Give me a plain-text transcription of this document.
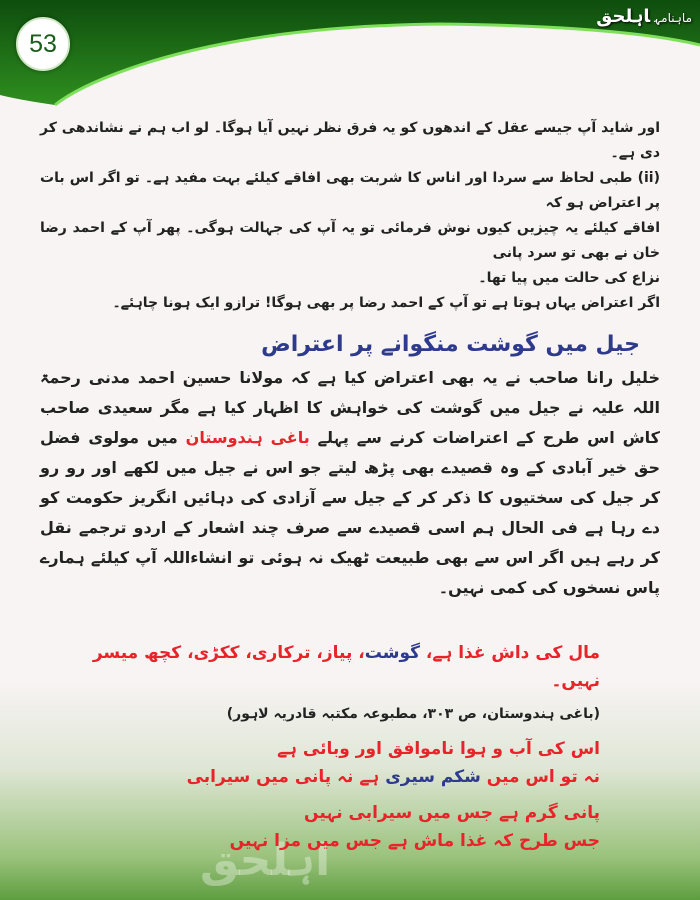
اہلحق
53
ماہنامہاہلحق
اور شاید آپ جیسے عقل کے اندھوں کو یہ فرق نظر نہیں آیا ہوگا۔ لو اب ہم نے نشاندھی کر دی ہے۔
(ii) طبی لحاظ سے سردا اور اناس کا شربت بھی افاقے کیلئے بہت مفید ہے۔ تو اگر اس بات پر اعتراض ہو کہ
افاقے کیلئے یہ چیزیں کیوں نوش فرمائی تو یہ آپ کی جہالت ہوگی۔ پھر آپ کے احمد رضا خان نے بھی تو سرد پانی
نزاع کی حالت میں پیا تھا۔
اگر اعتراض یہاں ہوتا ہے تو آپ کے احمد رضا پر بھی ہوگا! ترازو ایک ہونا چاہئے۔
جیل میں گوشت منگوانے پر اعتراض

خلیل رانا صاحب نے یہ بھی اعتراض کیا ہے کہ مولانا حسین احمد مدنی رحمۃ اللہ علیہ نے جیل میں گوشت کی خواہش کا اظہار کیا ہے مگر سعیدی صاحب کاش اس طرح کے اعتراضات کرنے سے پہلے باغی ہندوستان میں مولوی فضل حق خیر آبادی کے وہ قصیدے بھی پڑھ لیتے جو اس نے جیل میں لکھے اور رو رو کر جیل کی سختیوں کا ذکر کر کے جیل سے آزادی کی دہائیں انگریز حکومت کو دے رہا ہے فی الحال ہم اسی قصیدے سے صرف چند اشعار کے اردو ترجمے نقل کر رہے ہیں اگر اس سے بھی طبیعت ٹھیک نہ ہوئی تو انشاءاللہ آپ کیلئے ہمارے پاس نسخوں کی کمی نہیں۔

مال کی داش غذا ہے، گوشت، پیاز، ترکاری، ککڑی، کچھ میسر نہیں۔
(باغی ہندوستان، ص ۳۰۳، مطبوعہ مکتبہ قادریہ لاہور)
اس کی آب و ہوا ناموافق اور وبائی ہے
نہ تو اس میں شکم سیری ہے نہ پانی میں سیرابی
پانی گرم ہے جس میں سیرابی نہیں
جس طرح کہ غذا ماش ہے جس میں مزا نہیں
